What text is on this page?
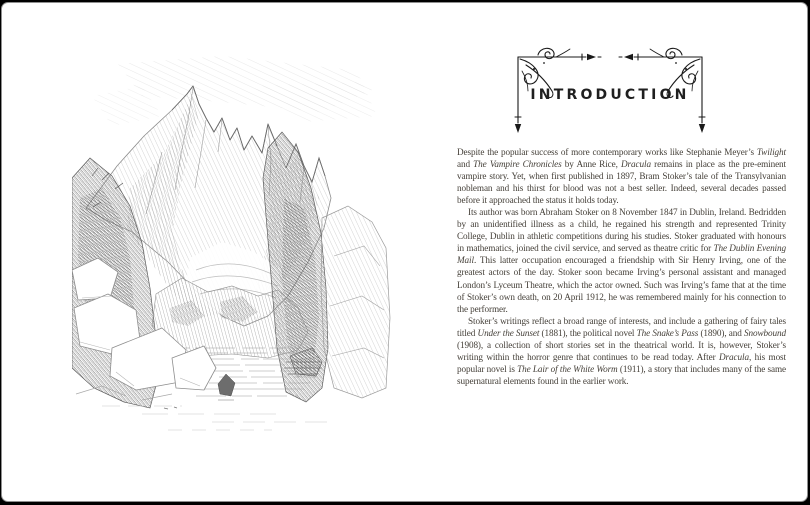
INTRODUCTION

Despite the popular success of more contemporary works like Stephanie Meyer’s Twilight and The Vampire Chronicles by Anne Rice, Dracula remains in place as the pre-eminent vampire story. Yet, when first published in 1897, Bram Stoker’s tale of the Transylvanian nobleman and his thirst for blood was not a best seller. Indeed, several decades passed before it approached the status it holds today.

Its author was born Abraham Stoker on 8 November 1847 in Dublin, Ireland. Bedridden by an unidentified illness as a child, he regained his strength and represented Trinity College, Dublin in athletic competitions during his studies. Stoker graduated with honours in mathematics, joined the civil service, and served as theatre critic for The Dublin Evening Mail. This latter occupation encouraged a friendship with Sir Henry Irving, one of the greatest actors of the day. Stoker soon became Irving’s personal assistant and managed London’s Lyceum Theatre, which the actor owned. Such was Irving’s fame that at the time of Stoker’s own death, on 20 April 1912, he was remembered mainly for his connection to the performer.

Stoker’s writings reflect a broad range of interests, and include a gathering of fairy tales titled Under the Sunset (1881), the political novel The Snake’s Pass (1890), and Snowbound (1908), a collection of short stories set in the theatrical world. It is, however, Stoker’s writing within the horror genre that continues to be read today. After Dracula, his most popular novel is The Lair of the White Worm (1911), a story that includes many of the same supernatural elements found in the earlier work.
